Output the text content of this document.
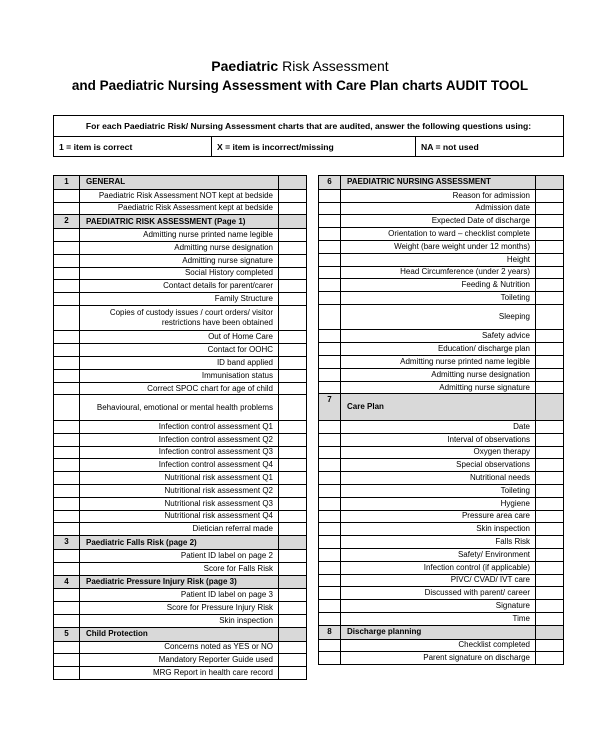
Paediatric Risk Assessment
and Paediatric Nursing Assessment with Care Plan charts AUDIT TOOL
For each Paediatric Risk/ Nursing Assessment charts that are audited, answer the following questions using:
1 = item is correct	X = item is incorrect/missing	NA = not used
1	GENERAL	
	Paediatric Risk Assessment NOT kept at bedside	
	Paediatric Risk Assessment kept at bedside	
2	PAEDIATRIC RISK ASSESSMENT (Page 1)	
	Admitting nurse printed name legible	
	Admitting nurse designation	
	Admitting nurse signature	
	Social History completed	
	Contact details for parent/carer	
	Family Structure	
	Copies of custody issues / court orders/ visitor restrictions have been obtained	
	Out of Home Care	
	Contact for OOHC	
	ID band applied	
	Immunisation status	
	Correct SPOC chart for age of child	
	Behavioural, emotional or mental health problems	
	Infection control assessment Q1	
	Infection control assessment Q2	
	Infection control assessment Q3	
	Infection control assessment Q4	
	Nutritional risk assessment Q1	
	Nutritional risk assessment Q2	
	Nutritional risk assessment Q3	
	Nutritional risk assessment Q4	
	Dietician referral made	
3	Paediatric Falls Risk (page 2)	
	Patient ID label on page 2	
	Score for Falls Risk	
4	Paediatric Pressure Injury Risk (page 3)	
	Patient ID label on page 3	
	Score for Pressure Injury Risk	
	Skin inspection	
5	Child Protection	
	Concerns noted as YES or NO	
	Mandatory Reporter Guide used	
	MRG Report in health care record	
6	PAEDIATRIC NURSING ASSESSMENT	
	Reason for admission	
	Admission date	
	Expected Date of discharge	
	Orientation to ward – checklist complete	
	Weight (bare weight under 12 months)	
	Height	
	Head Circumference (under 2 years)	
	Feeding & Nutrition	
	Toileting	
	Sleeping	
	Safety advice	
	Education/ discharge plan	
	Admitting nurse printed name legible	
	Admitting nurse designation	
	Admitting nurse signature	
7	Care Plan	
	Date	
	Interval of observations	
	Oxygen therapy	
	Special observations	
	Nutritional needs	
	Toileting	
	Hygiene	
	Pressure area care	
	Skin inspection	
	Falls Risk	
	Safety/ Environment	
	Infection control (if applicable)	
	PIVC/ CVAD/ IVT care	
	Discussed with parent/ career	
	Signature	
	Time	
8	Discharge planning	
	Checklist completed	
	Parent signature on discharge	
